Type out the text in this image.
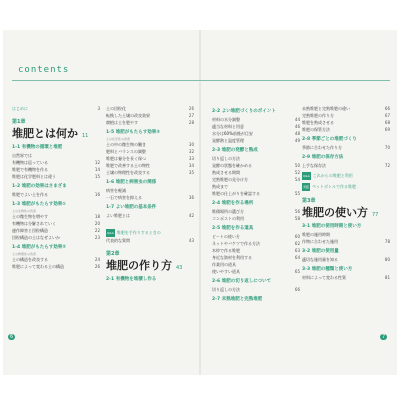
contents
はじめに	3
第1章
堆肥とは何か 11
1-1 有機物の循環と堆肥
自然界では
有機物は巡っている	12
堆肥で有機物を作る	14
堆肥は化学肥料とは違う	15
1-2 堆肥の効果はさまざま
堆肥でよい土を作る	16
1-3 堆肥がもたらす効果①
土の生物性の改善
土の微生物を増やす	18
有機物は分解されていく	20
連作障害と団粒構造	22
団粒構造の土はなぜよいか	23
1-4 堆肥がもたらす効果②
土の物理性の改善
土の構造を改良する	24
堆肥によって変わる土の構造	26
土の団粒化	26
転換した土壌の改良効果	27
腐植は土を肥やす	28
1-5 堆肥がもたらす効果③
土の化学性の改善
土の中の微生物の働き	30
肥料とバランスの調整	32
堆肥は養分を長く保つ	33
堆肥で改善する土の物性	34
土壌の物理性を改良する	35
1-6 堆肥と病害虫の関係
病害を軽減
一石で病害を抑える	36
1-7 よい堆肥の基本条件
よい堆肥とは	42
Q&A 堆肥を手作りするときの
代表的な質問	43
第2章
堆肥の作り方 43
2-1 有機物を堆積し作る
2-2 よい堆肥づくりのポイント
材料の水分調整	44
適当な材料と用意	46
水分は60%前後が目安	48
発酵熱と温度管理	49
2-3 堆肥の発酵と熟成
切り返しの方法
発酵の状態を確かめる	50
熟成させる期間	52
完熟堆肥の見分け方	54
熟成まで
堆肥の仕上がりを確認する	55
2-4 堆肥を作る場所
堆積場所の選び方	56
コンポストの利用	58
2-5 堆肥を作る道具
ピートの使い方	60
ネットやバケツで作る方法	62
木枠で作る堆肥	63
身近な資材を利用する	64
作業用の道具
使いやすい道具	65
2-6 堆肥の切り返しについて
切り返しの方法	66
2-7 未熟堆肥と完熟堆肥
未熟堆肥と完熟堆肥の違い	66
完熟堆肥の作り方	67
堆肥を熟成させる	68
堆肥の保管方法	69
2-8 季節ごとの堆肥づくり
季節に合わせた作り方	70
2-9 堆肥の保存方法
上手な保存法	72
Q&A これからの堆肥と利用
実践 ペットボトルで作る堆肥
第3章
堆肥の使い方 77
3-1 堆肥の使用時期と使い方
堆肥の施用時期
作物に合わせた施用	78
3-2 堆肥の使用量
適切な施用量を知る	80
3-3 堆肥の種類と使い方
材料によって変わる性質	81
6	7
